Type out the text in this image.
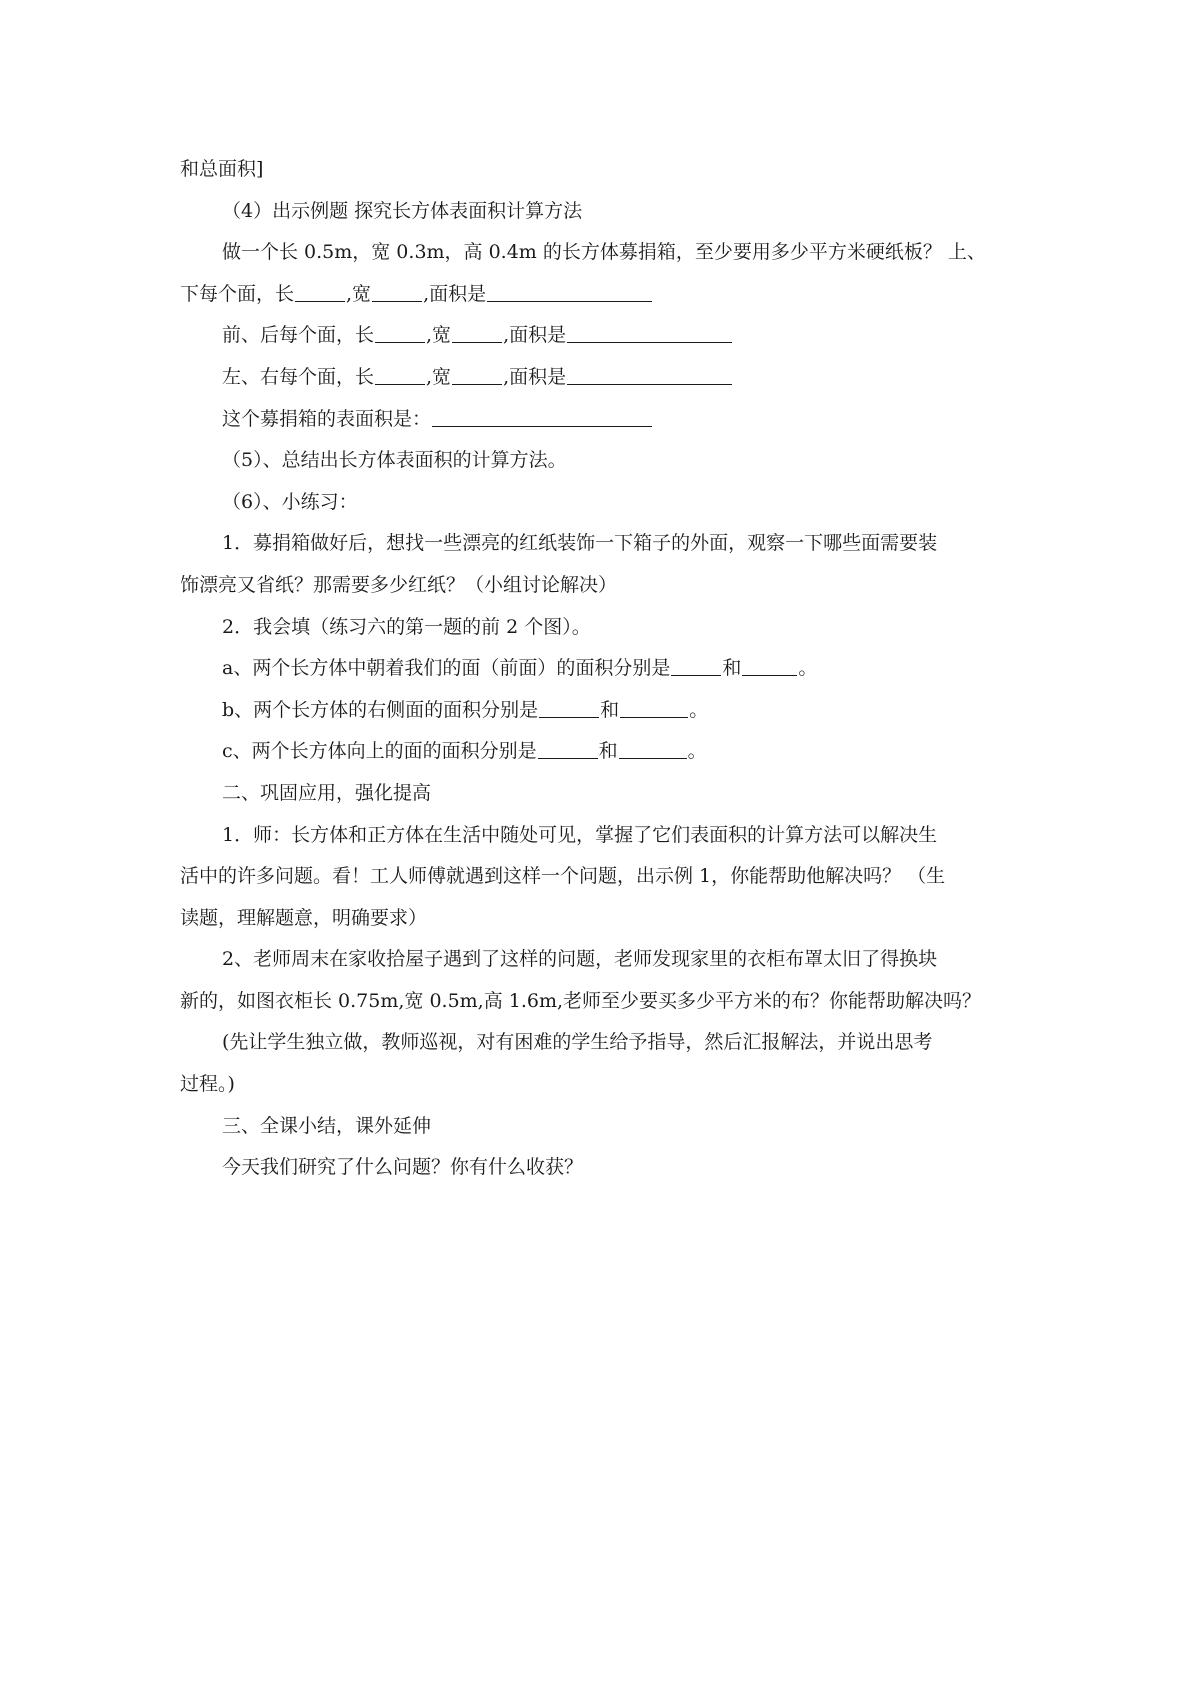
和总面积]
（4）出示例题 探究长方体表面积计算方法
做一个长 0.5m，宽 0.3m，高 0.4m 的长方体募捐箱，至少要用多少平方米硬纸板？ 上、
下每个面，长	,宽	,面积是
前、后每个面，长	,宽	,面积是
左、右每个面，长	,宽	,面积是
这个募捐箱的表面积是：
（5）、总结出长方体表面积的计算方法。
（6）、小练习：
1．募捐箱做好后，想找一些漂亮的红纸装饰一下箱子的外面，观察一下哪些面需要装
饰漂亮又省纸？那需要多少红纸？（小组讨论解决）
2．我会填（练习六的第一题的前 2 个图）。
a、两个长方体中朝着我们的面（前面）的面积分别是	和	。
b、两个长方体的右侧面的面积分别是	和	。
c、两个长方体向上的面的面积分别是	和	。
二、巩固应用，强化提高
1．师：长方体和正方体在生活中随处可见，掌握了它们表面积的计算方法可以解决生
活中的许多问题。看！工人师傅就遇到这样一个问题，出示例 1，你能帮助他解决吗？ （生
读题，理解题意，明确要求）
2、老师周末在家收拾屋子遇到了这样的问题，老师发现家里的衣柜布罩太旧了得换块
新的，如图衣柜长 0.75m,宽 0.5m,高 1.6m,老师至少要买多少平方米的布？你能帮助解决吗？
(先让学生独立做，教师巡视，对有困难的学生给予指导，然后汇报解法，并说出思考
过程。)
三、全课小结，课外延伸
今天我们研究了什么问题？你有什么收获？
